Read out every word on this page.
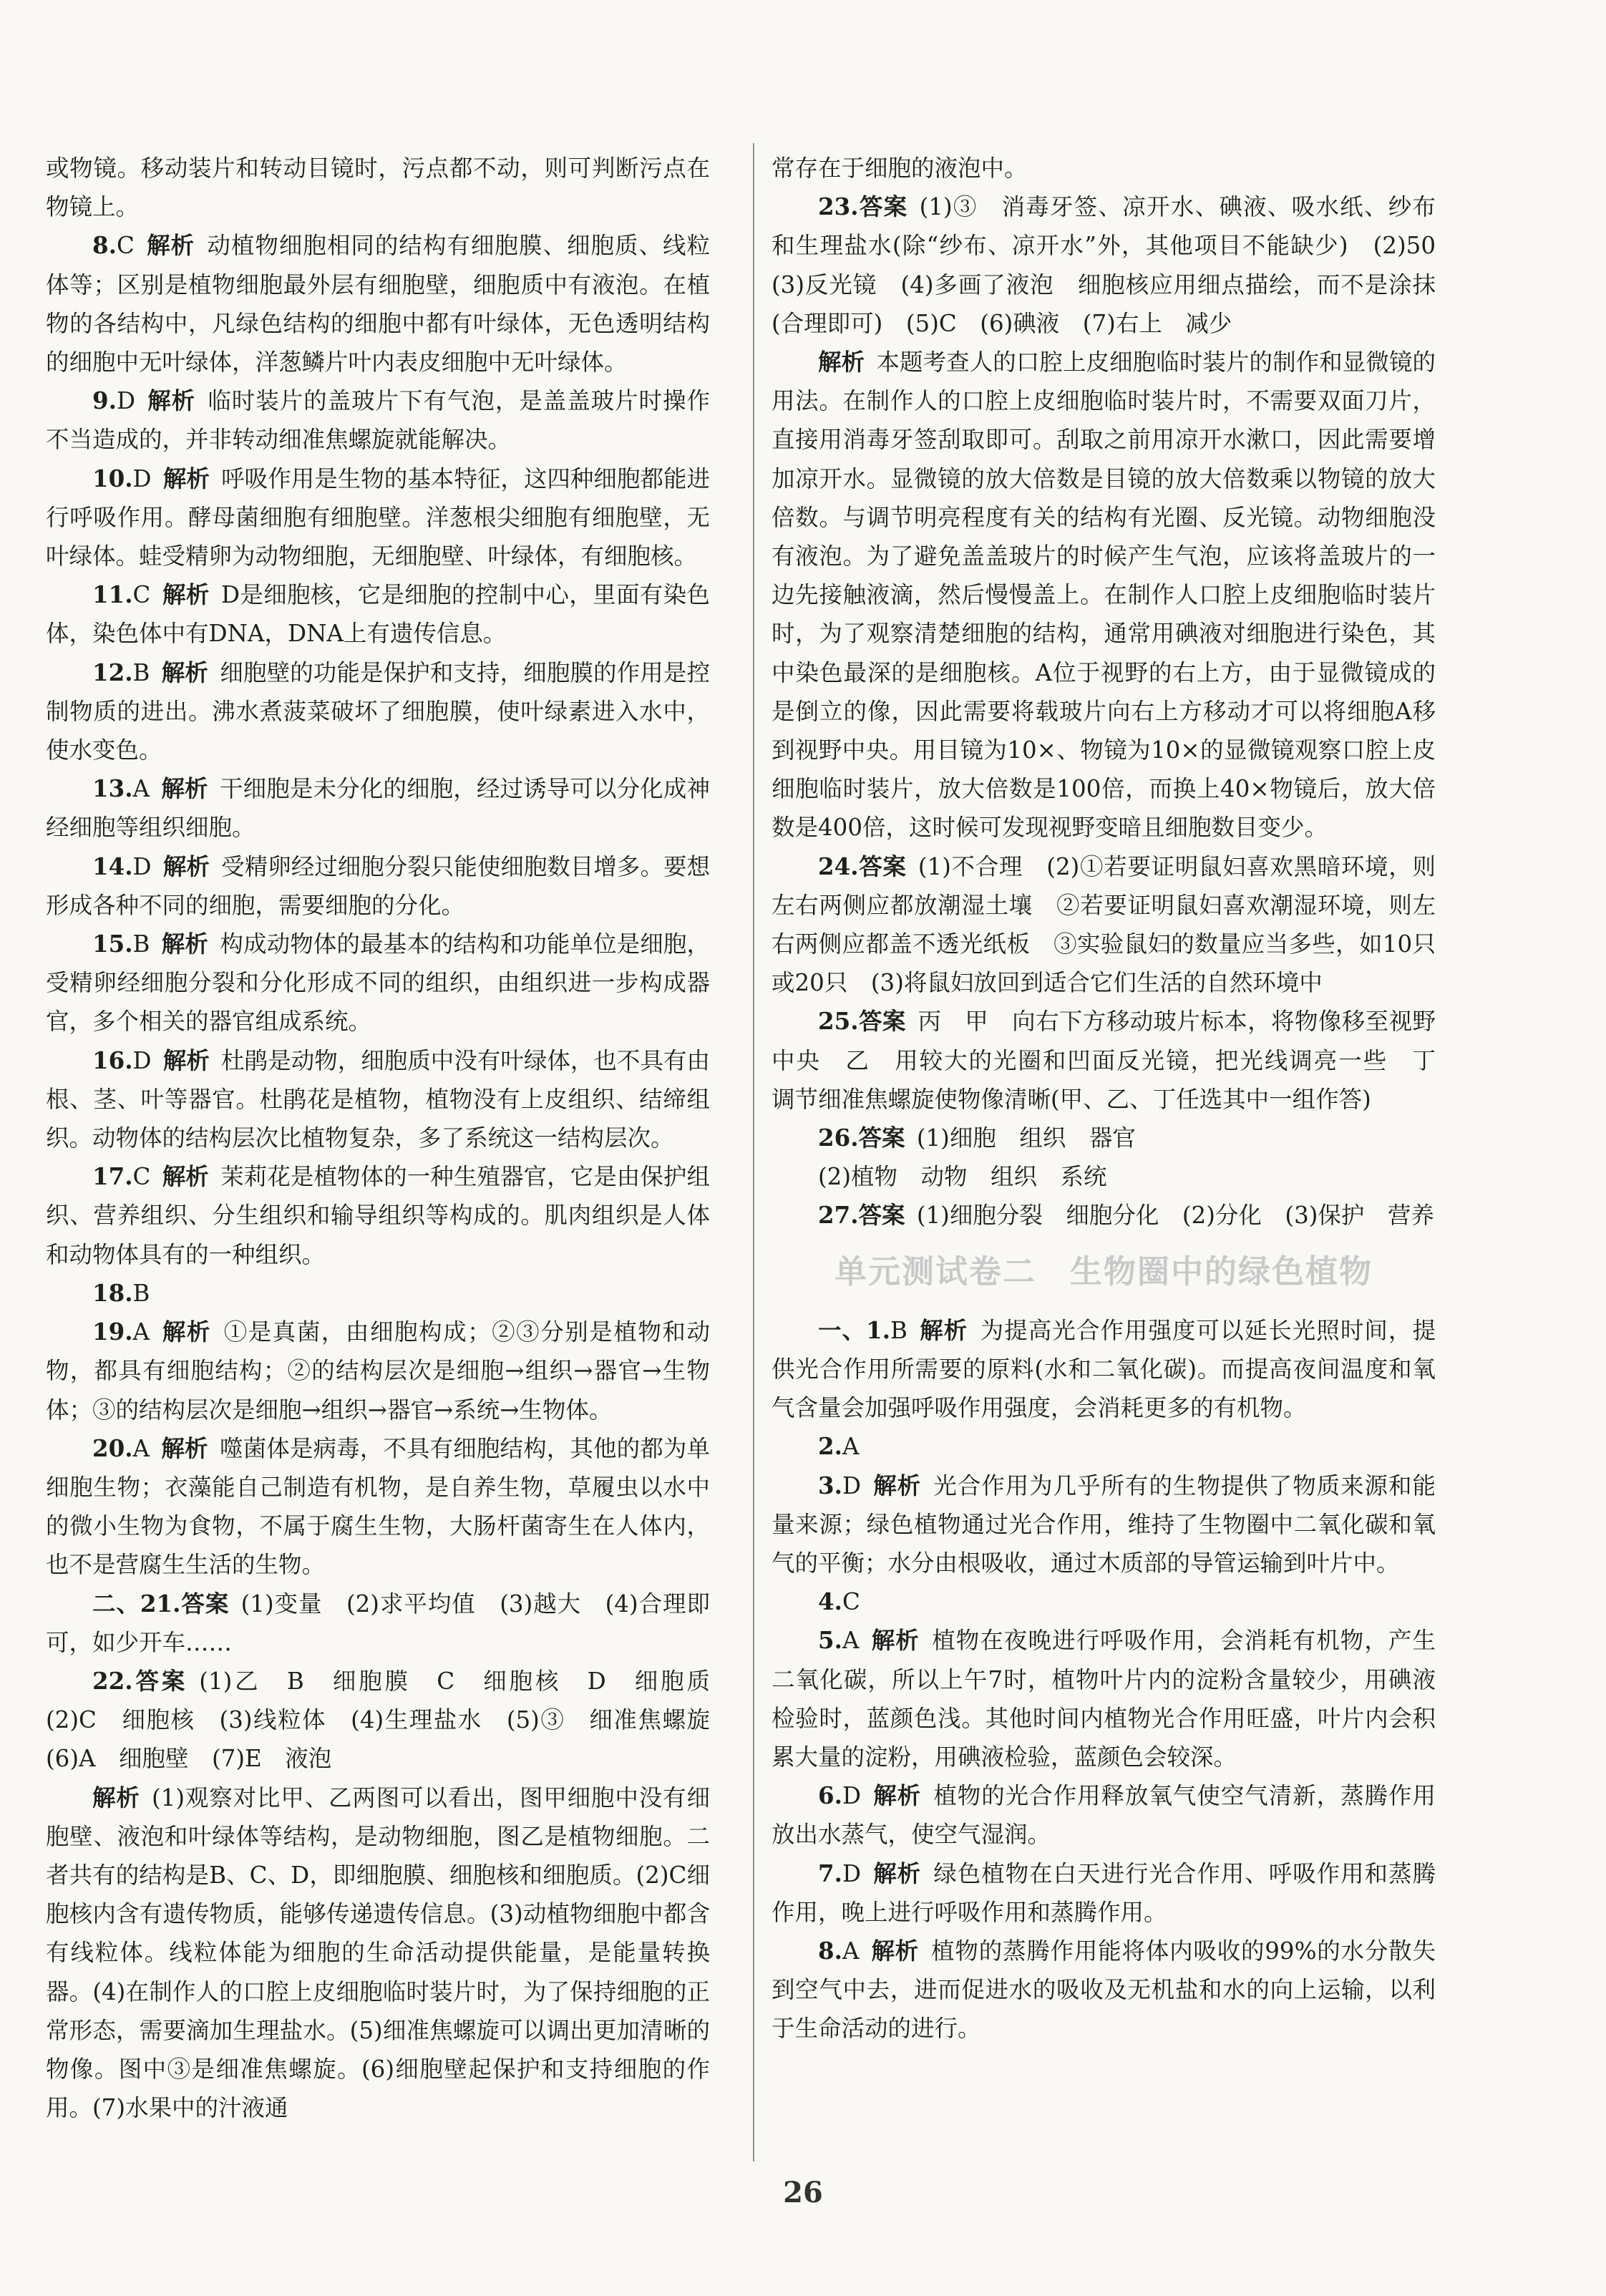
或物镜。移动装片和转动目镜时，污点都不动，则可判断污点在物镜上。

8.C  解析  动植物细胞相同的结构有细胞膜、细胞质、线粒体等；区别是植物细胞最外层有细胞壁，细胞质中有液泡。在植物的各结构中，凡绿色结构的细胞中都有叶绿体，无色透明结构的细胞中无叶绿体，洋葱鳞片叶内表皮细胞中无叶绿体。

9.D  解析  临时装片的盖玻片下有气泡，是盖盖玻片时操作不当造成的，并非转动细准焦螺旋就能解决。

10.D  解析  呼吸作用是生物的基本特征，这四种细胞都能进行呼吸作用。酵母菌细胞有细胞壁。洋葱根尖细胞有细胞壁，无叶绿体。蛙受精卵为动物细胞，无细胞壁、叶绿体，有细胞核。

11.C  解析  D是细胞核，它是细胞的控制中心，里面有染色体，染色体中有DNA，DNA上有遗传信息。

12.B  解析  细胞壁的功能是保护和支持，细胞膜的作用是控制物质的进出。沸水煮菠菜破坏了细胞膜，使叶绿素进入水中，使水变色。

13.A  解析  干细胞是未分化的细胞，经过诱导可以分化成神经细胞等组织细胞。

14.D  解析  受精卵经过细胞分裂只能使细胞数目增多。要想形成各种不同的细胞，需要细胞的分化。

15.B  解析  构成动物体的最基本的结构和功能单位是细胞，受精卵经细胞分裂和分化形成不同的组织，由组织进一步构成器官，多个相关的器官组成系统。

16.D  解析  杜鹃是动物，细胞质中没有叶绿体，也不具有由根、茎、叶等器官。杜鹃花是植物，植物没有上皮组织、结缔组织。动物体的结构层次比植物复杂，多了系统这一结构层次。

17.C  解析  茉莉花是植物体的一种生殖器官，它是由保护组织、营养组织、分生组织和输导组织等构成的。肌肉组织是人体和动物体具有的一种组织。

18.B 

19.A  解析  ①是真菌，由细胞构成；②③分别是植物和动物，都具有细胞结构；②的结构层次是细胞→组织→器官→生物体；③的结构层次是细胞→组织→器官→系统→生物体。

20.A  解析  噬菌体是病毒，不具有细胞结构，其他的都为单细胞生物；衣藻能自己制造有机物，是自养生物，草履虫以水中的微小生物为食物，不属于腐生生物，大肠杆菌寄生在人体内，也不是营腐生生活的生物。

二、21.答案  (1)变量　(2)求平均值　(3)越大　(4)合理即可，如少开车……

22.答案  (1)乙　B　细胞膜　C　细胞核　D　细胞质　(2)C　细胞核　(3)线粒体　(4)生理盐水　(5)③　细准焦螺旋　(6)A　细胞壁　(7)E　液泡

解析  (1)观察对比甲、乙两图可以看出，图甲细胞中没有细胞壁、液泡和叶绿体等结构，是动物细胞，图乙是植物细胞。二者共有的结构是B、C、D，即细胞膜、细胞核和细胞质。(2)C细胞核内含有遗传物质，能够传递遗传信息。(3)动植物细胞中都含有线粒体。线粒体能为细胞的生命活动提供能量，是能量转换器。(4)在制作人的口腔上皮细胞临时装片时，为了保持细胞的正常形态，需要滴加生理盐水。(5)细准焦螺旋可以调出更加清晰的物像。图中③是细准焦螺旋。(6)细胞壁起保护和支持细胞的作用。(7)水果中的汁液通

常存在于细胞的液泡中。

23.答案  (1)③　消毒牙签、凉开水、碘液、吸水纸、纱布和生理盐水(除“纱布、凉开水”外，其他项目不能缺少)　(2)50　(3)反光镜　(4)多画了液泡　细胞核应用细点描绘，而不是涂抹(合理即可)　(5)C　(6)碘液　(7)右上　减少

解析  本题考查人的口腔上皮细胞临时装片的制作和显微镜的用法。在制作人的口腔上皮细胞临时装片时，不需要双面刀片，直接用消毒牙签刮取即可。刮取之前用凉开水漱口，因此需要增加凉开水。显微镜的放大倍数是目镜的放大倍数乘以物镜的放大倍数。与调节明亮程度有关的结构有光圈、反光镜。动物细胞没有液泡。为了避免盖盖玻片的时候产生气泡，应该将盖玻片的一边先接触液滴，然后慢慢盖上。在制作人口腔上皮细胞临时装片时，为了观察清楚细胞的结构，通常用碘液对细胞进行染色，其中染色最深的是细胞核。A位于视野的右上方，由于显微镜成的是倒立的像，因此需要将载玻片向右上方移动才可以将细胞A移到视野中央。用目镜为10×、物镜为10×的显微镜观察口腔上皮细胞临时装片，放大倍数是100倍，而换上40×物镜后，放大倍数是400倍，这时候可发现视野变暗且细胞数目变少。

24.答案  (1)不合理　(2)①若要证明鼠妇喜欢黑暗环境，则左右两侧应都放潮湿土壤　②若要证明鼠妇喜欢潮湿环境，则左右两侧应都盖不透光纸板　③实验鼠妇的数量应当多些，如10只或20只　(3)将鼠妇放回到适合它们生活的自然环境中

25.答案  丙　甲　向右下方移动玻片标本，将物像移至视野中央　乙　用较大的光圈和凹面反光镜，把光线调亮一些　丁　调节细准焦螺旋使物像清晰(甲、乙、丁任选其中一组作答)

26.答案  (1)细胞　组织　器官

(2)植物　动物　组织　系统

27.答案  (1)细胞分裂　细胞分化　(2)分化　(3)保护　营养

单元测试卷二　生物圈中的绿色植物

一、1.B  解析  为提高光合作用强度可以延长光照时间，提供光合作用所需要的原料(水和二氧化碳)。而提高夜间温度和氧气含量会加强呼吸作用强度，会消耗更多的有机物。

2.A 

3.D  解析  光合作用为几乎所有的生物提供了物质来源和能量来源；绿色植物通过光合作用，维持了生物圈中二氧化碳和氧气的平衡；水分由根吸收，通过木质部的导管运输到叶片中。

4.C 

5.A  解析  植物在夜晚进行呼吸作用，会消耗有机物，产生二氧化碳，所以上午7时，植物叶片内的淀粉含量较少，用碘液检验时，蓝颜色浅。其他时间内植物光合作用旺盛，叶片内会积累大量的淀粉，用碘液检验，蓝颜色会较深。

6.D  解析  植物的光合作用释放氧气使空气清新，蒸腾作用放出水蒸气，使空气湿润。

7.D  解析  绿色植物在白天进行光合作用、呼吸作用和蒸腾作用，晚上进行呼吸作用和蒸腾作用。

8.A  解析  植物的蒸腾作用能将体内吸收的99%的水分散失到空气中去，进而促进水的吸收及无机盐和水的向上运输，以利于生命活动的进行。

26
